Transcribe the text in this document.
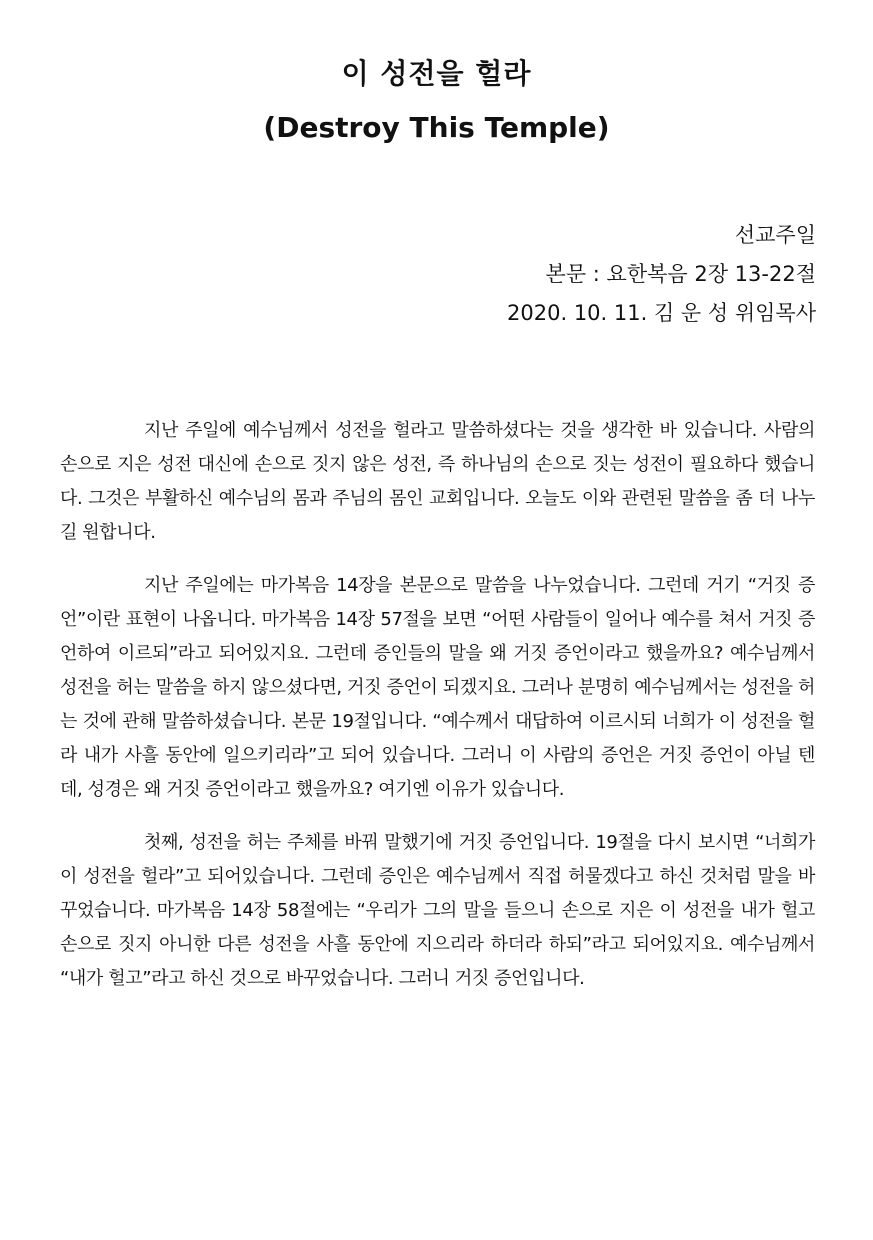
이 성전을 헐라
(Destroy This Temple)
선교주일
본문 : 요한복음 2장 13-22절
2020. 10. 11. 김 운 성 위임목사

지난 주일에 예수님께서 성전을 헐라고 말씀하셨다는 것을 생각한 바 있습니다. 사람의 손으로 지은 성전 대신에 손으로 짓지 않은 성전, 즉 하나님의 손으로 짓는 성전이 필요하다 했습니다. 그것은 부활하신 예수님의 몸과 주님의 몸인 교회입니다. 오늘도 이와 관련된 말씀을 좀 더 나누길 원합니다.

지난 주일에는 마가복음 14장을 본문으로 말씀을 나누었습니다. 그런데 거기 “거짓 증언”이란 표현이 나옵니다. 마가복음 14장 57절을 보면 “어떤 사람들이 일어나 예수를 쳐서 거짓 증언하여 이르되”라고 되어있지요. 그런데 증인들의 말을 왜 거짓 증언이라고 했을까요? 예수님께서 성전을 허는 말씀을 하지 않으셨다면, 거짓 증언이 되겠지요. 그러나 분명히 예수님께서는 성전을 허는 것에 관해 말씀하셨습니다. 본문 19절입니다. “예수께서 대답하여 이르시되 너희가 이 성전을 헐라 내가 사흘 동안에 일으키리라”고 되어 있습니다. 그러니 이 사람의 증언은 거짓 증언이 아닐 텐데, 성경은 왜 거짓 증언이라고 했을까요? 여기엔 이유가 있습니다.

첫째, 성전을 허는 주체를 바꿔 말했기에 거짓 증언입니다. 19절을 다시 보시면 “너희가 이 성전을 헐라”고 되어있습니다. 그런데 증인은 예수님께서 직접 허물겠다고 하신 것처럼 말을 바꾸었습니다. 마가복음 14장 58절에는 “우리가 그의 말을 들으니 손으로 지은 이 성전을 내가 헐고 손으로 짓지 아니한 다른 성전을 사흘 동안에 지으리라 하더라 하되”라고 되어있지요. 예수님께서 “내가 헐고”라고 하신 것으로 바꾸었습니다. 그러니 거짓 증언입니다.
